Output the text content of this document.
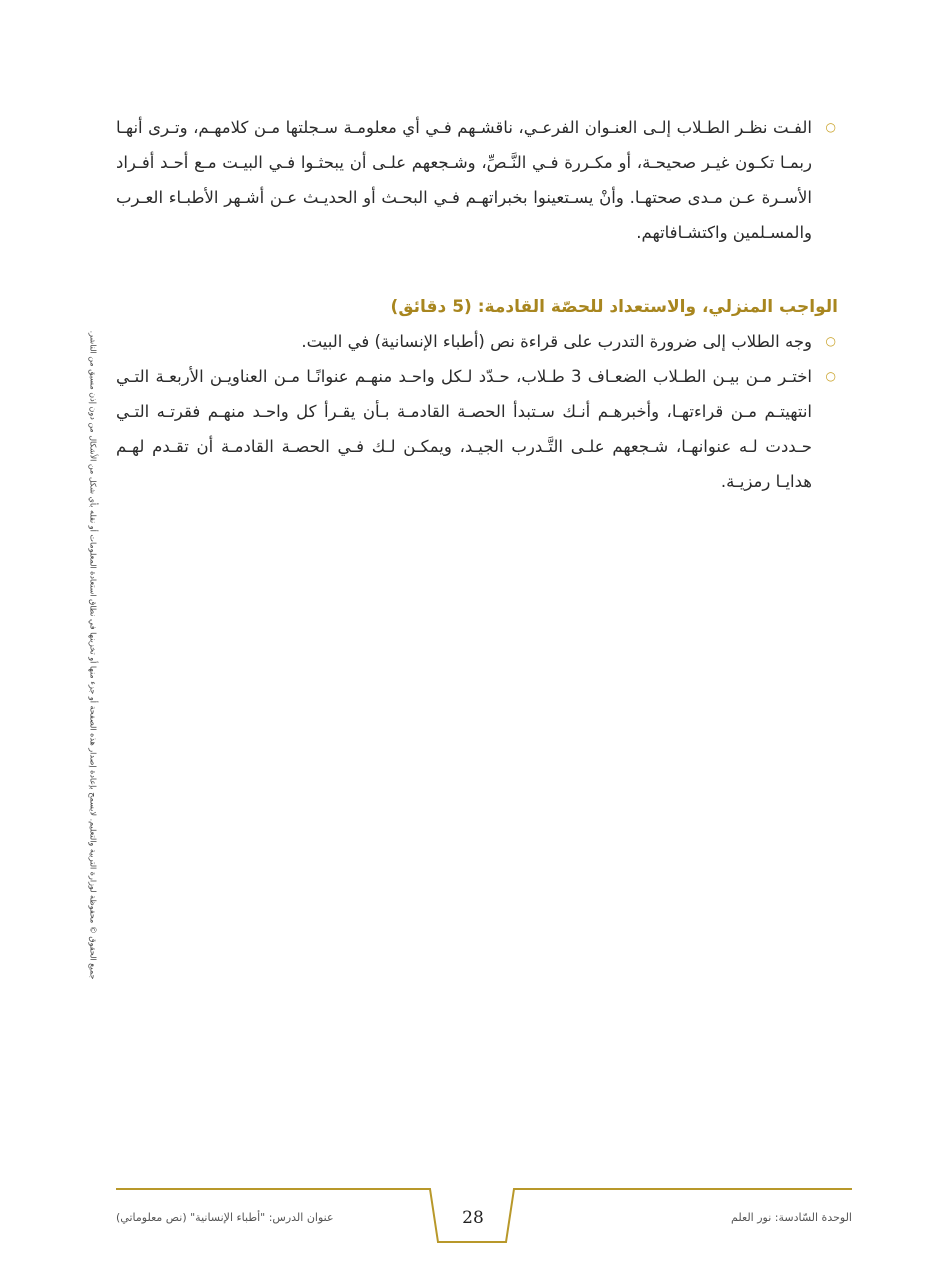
○
الفـت نظـر الطـلاب إلـى العنـوان الفرعـي، ناقشـهم فـي أي معلومـة سـجلتها مـن كلامهـم، وتـرى أنهـا ربمـا تكـون غيـر صحيحـة، أو مكـررة فـي النَّـصِّ، وشـجعهم علـى أن يبحثـوا فـي البيـت مـع أحـد أفـراد الأسـرة عـن مـدى صحتهـا. وأنْ يسـتعينوا بخبراتهـم فـي البحـث أو الحديـث عـن أشـهر الأطبـاء العـرب والمسـلمين واكتشـافاتهم.
الواجب المنزلي، والاستعداد للحصّة القادمة: (5 دقائق)
○
وجه الطلاب إلى ضرورة التدرب على قراءة نص (أطباء الإنسانية) في البيت.
○
اختـر مـن بيـن الطـلاب الضعـاف 3 طـلاب، حـدّد لـكل واحـد منهـم عنوانًـا مـن العناويـن الأربعـة التـي انتهيتـم مـن قراءتهـا، وأخبرهـم أنـك سـتبدأ الحصـة القادمـة بـأن يقـرأ كل واحـد منهـم فقرتـه التـي حـددت لـه عنوانهـا، شـجعهم علـى التَّـدرب الجيـد، ويمكـن لـك فـي الحصـة القادمـة أن تقـدم لهـم هدايـا رمزيـة.
جميع الحقوق © محفوظة لوزارة التربية والتعليم. لايسمح بإعادة إصدار هذه الصفحة أو جزء منها أو تخزينها في نطاق استعادة المعلومات أو نقله بأي شكل من الأشكال من دون إذن مسبق من الناشر.
عنوان الدرس: "أطباء الإنسانية" (نص معلوماتي)	28	الوحدة السّادسة: نور العلم
